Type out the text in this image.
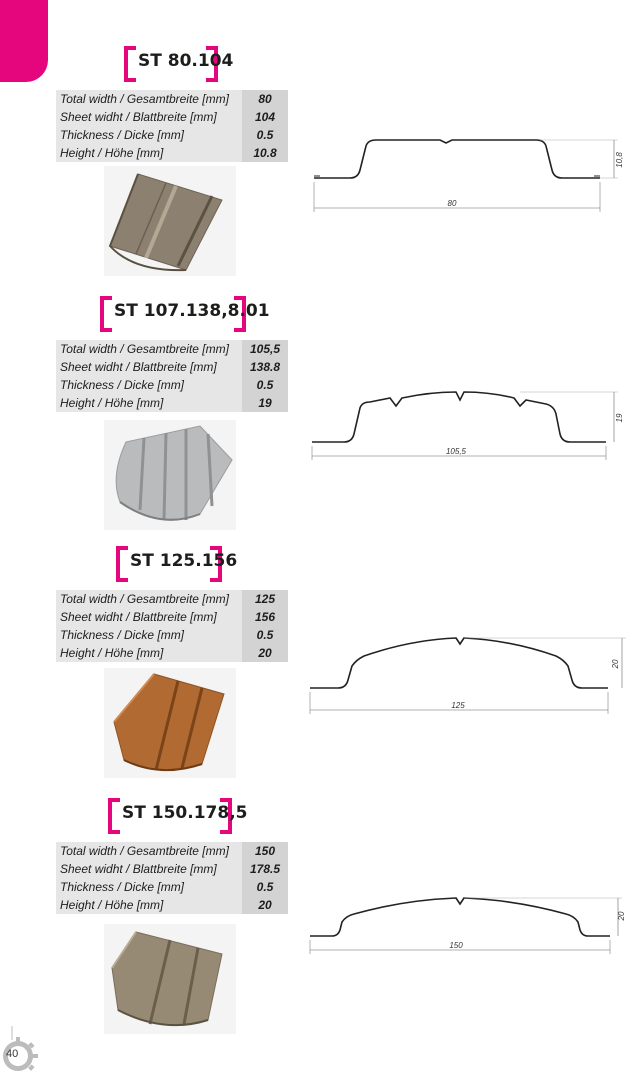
RF	ST 80.104
Total width / Gesamtbreite [mm]	80
Sheet widht / Blattbreite [mm]	104
Thickness / Dicke [mm]	0.5
Height / Höhe [mm]	10.8
80
10,8
ST 107.138,8.01
Total width / Gesamtbreite [mm]	105,5
Sheet widht / Blattbreite [mm]	138.8
Thickness / Dicke [mm]	0.5
Height / Höhe [mm]	19
105,5
19
ST 125.156
Total width / Gesamtbreite [mm]	125
Sheet widht / Blattbreite [mm]	156
Thickness / Dicke [mm]	0.5
Height / Höhe [mm]	20
125
20
ST 150.178,5
Total width / Gesamtbreite [mm]	150
Sheet widht / Blattbreite [mm]	178.5
Thickness / Dicke [mm]	0.5
Height / Höhe [mm]	20
150
20
40
